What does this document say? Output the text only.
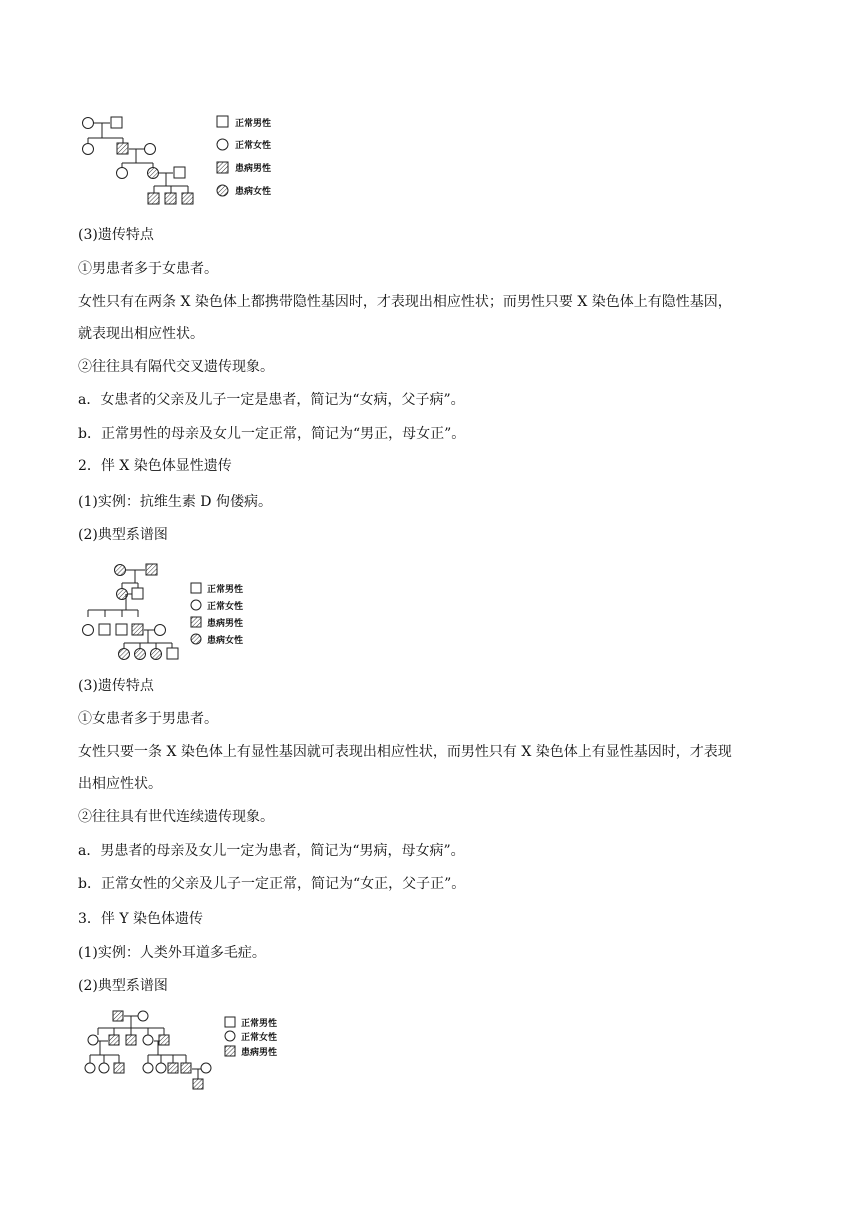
正常男性
正常女性
患病男性
患病女性
(3)遗传特点
①男患者多于女患者。
女性只有在两条 X 染色体上都携带隐性基因时，才表现出相应性状；而男性只要 X 染色体上有隐性基因，
就表现出相应性状。
②往往具有隔代交叉遗传现象。
a．女患者的父亲及儿子一定是患者，简记为“女病，父子病”。
b．正常男性的母亲及女儿一定正常，简记为“男正，母女正”。
2．伴 X 染色体显性遗传
(1)实例：抗维生素 D 佝偻病。
(2)典型系谱图
正常男性
正常女性
患病男性
患病女性
(3)遗传特点
①女患者多于男患者。
女性只要一条 X 染色体上有显性基因就可表现出相应性状，而男性只有 X 染色体上有显性基因时，才表现
出相应性状。
②往往具有世代连续遗传现象。
a．男患者的母亲及女儿一定为患者，简记为“男病，母女病”。
b．正常女性的父亲及儿子一定正常，简记为“女正，父子正”。
3．伴 Y 染色体遗传
(1)实例：人类外耳道多毛症。
(2)典型系谱图
正常男性
正常女性
患病男性
